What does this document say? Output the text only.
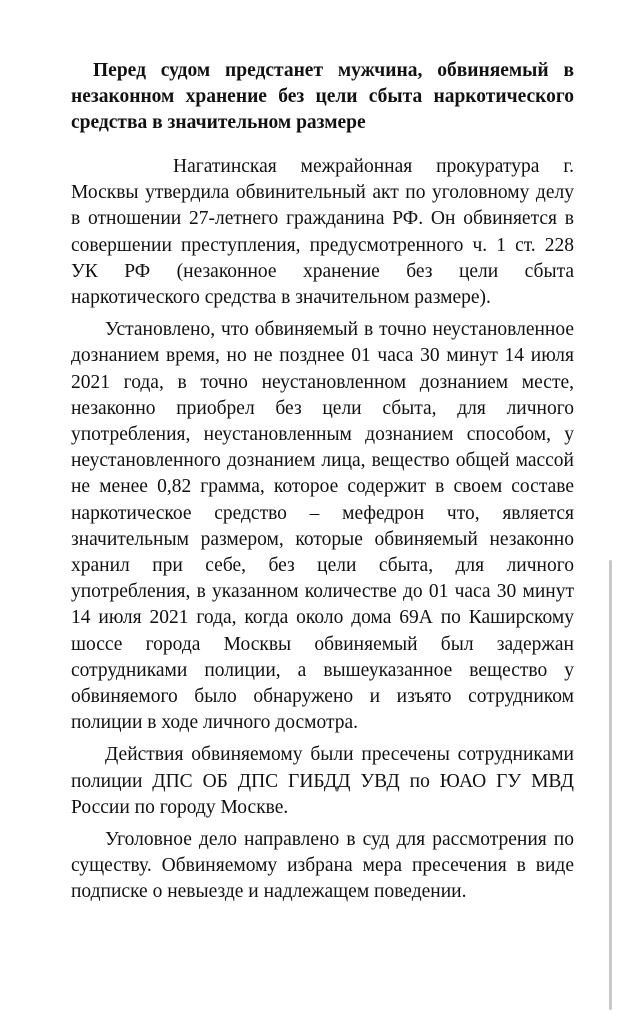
Перед судом предстанет мужчина, обвиняемый в незаконном хранение без цели сбыта наркотического средства в значительном размере

Нагатинская межрайонная прокуратура г. Москвы утвердила обвинительный акт по уголовному делу в отношении 27-летнего гражданина РФ. Он обвиняется в совершении преступления, предусмотренного ч. 1 ст. 228 УК РФ (незаконное хранение без цели сбыта наркотического средства в значительном размере).

Установлено, что обвиняемый в точно неустановленное дознанием время, но не позднее 01 часа 30 минут 14 июля 2021 года, в точно неустановленном дознанием месте, незаконно приобрел без цели сбыта, для личного употребления, неустановленным дознанием способом, у неустановленного дознанием лица, вещество общей массой не менее 0,82 грамма, которое содержит в своем составе наркотическое средство – мефедрон что, является значительным размером, которые обвиняемый незаконно хранил при себе, без цели сбыта, для личного употребления, в указанном количестве до 01 часа 30 минут 14 июля 2021 года, когда около дома 69А по Каширскому шоссе города Москвы обвиняемый был задержан сотрудниками полиции, а вышеуказанное вещество у обвиняемого было обнаружено и изъято сотрудником полиции в ходе личного досмотра.

Действия обвиняемому были пресечены сотрудниками полиции ДПС ОБ ДПС ГИБДД УВД по ЮАО ГУ МВД России по городу Москве.

Уголовное дело направлено в суд для рассмотрения по существу. Обвиняемому избрана мера пресечения в виде подписке о невыезде и надлежащем поведении.
